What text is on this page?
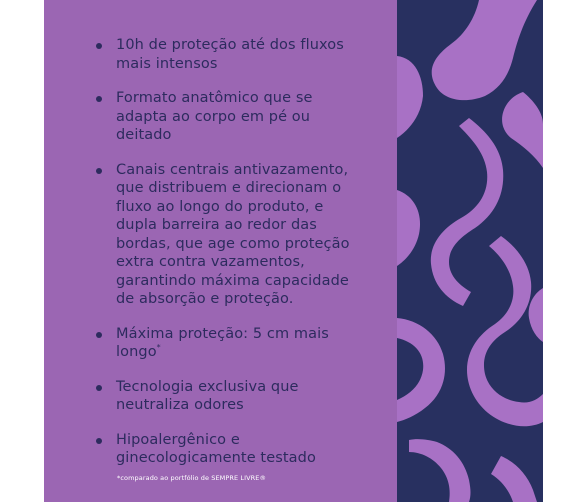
10h de proteção até dos fluxos
mais intensos
Formato anatômico que se
adapta ao corpo em pé ou
deitado
Canais centrais antivazamento,
que distribuem e direcionam o
fluxo ao longo do produto, e
dupla barreira ao redor das
bordas, que age como proteção
extra contra vazamentos,
garantindo máxima capacidade
de absorção e proteção.
Máxima proteção: 5 cm mais
longo*
Tecnologia exclusiva que
neutraliza odores
Hipoalergênico e
ginecologicamente testado
*comparado ao portfólio de SEMPRE LIVRE®
